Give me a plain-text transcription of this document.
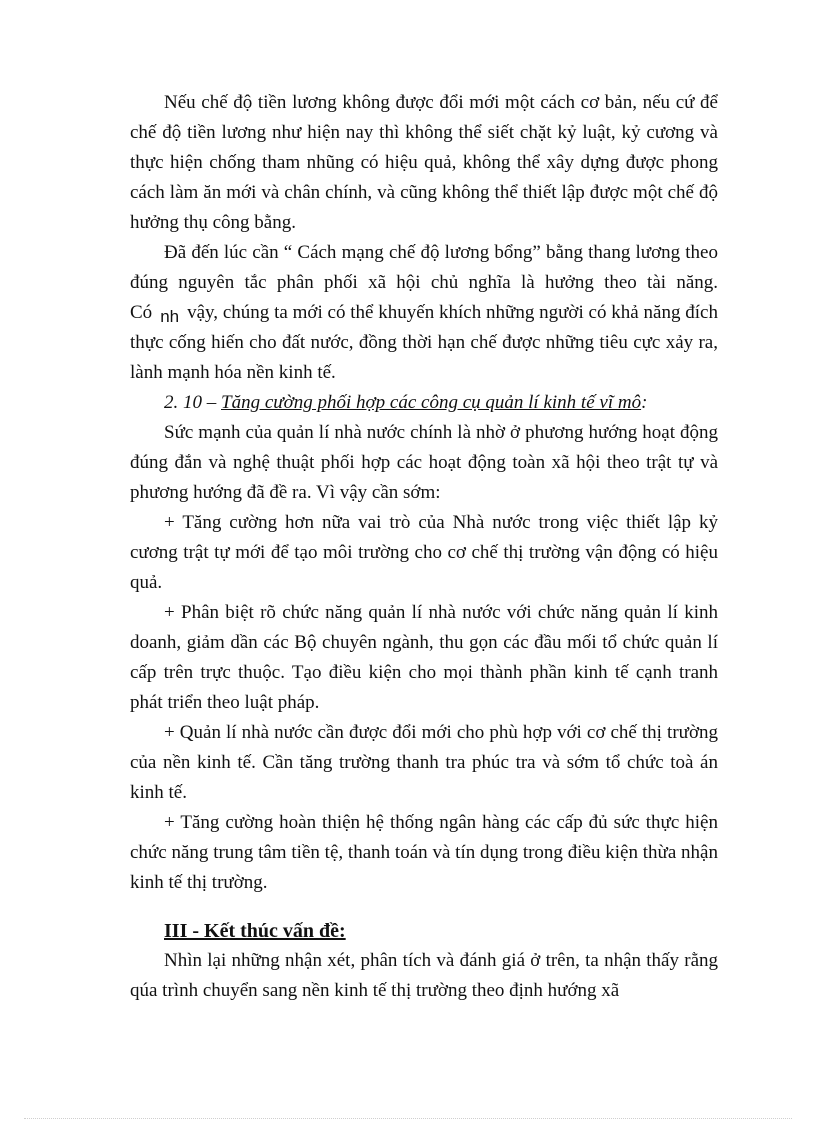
Nếu chế độ tiền lương không được đổi mới một cách cơ bản, nếu cứ để chế độ tiền lương như hiện nay thì không thể siết chặt kỷ luật, kỷ cương và thực hiện chống tham nhũng có hiệu quả, không thể xây dựng được phong cách làm ăn mới và chân chính, và cũng không thể thiết lập được một chế độ hưởng thụ công bằng.

Đã đến lúc cần “ Cách mạng chế độ lương bổng” bằng thang lương theo đúng nguyên tắc phân phối xã hội chủ nghĩa là hưởng theo tài năng. Có nh vậy, chúng ta mới có thể khuyến khích những người có khả năng đích thực cống hiến cho đất nước, đồng thời hạn chế được những tiêu cực xảy ra, lành mạnh hóa nền kinh tế.

2. 10 – Tăng cường phối hợp các công cụ quản lí kinh tế vĩ mô:

Sức mạnh của quản lí nhà nước chính là nhờ ở phương hướng hoạt động đúng đắn và nghệ thuật phối hợp các hoạt động toàn xã hội theo trật tự và phương hướng đã đề ra. Vì vậy cần sớm:

+ Tăng cường hơn nữa vai trò của Nhà nước trong việc thiết lập kỷ cương trật tự mới để tạo môi trường cho cơ chế thị trường vận động có hiệu quả.

+ Phân biệt rõ chức năng quản lí nhà nước với chức năng quản lí kinh doanh, giảm dần các Bộ chuyên ngành, thu gọn các đầu mối tổ chức quản lí cấp trên trực thuộc. Tạo điều kiện cho mọi thành phần kinh tế cạnh tranh phát triển theo luật pháp.

+ Quản lí nhà nước cần được đổi mới cho phù hợp với cơ chế thị trường của nền kinh tế. Cần tăng trường thanh tra phúc tra và sớm tổ chức toà án kinh tế.

+ Tăng cường hoàn thiện hệ thống ngân hàng các cấp đủ sức thực hiện chức năng trung tâm tiền tệ, thanh toán và tín dụng trong điều kiện thừa nhận kinh tế thị trường.

III - Kết thúc vấn đề:

Nhìn lại những nhận xét, phân tích và đánh giá ở trên, ta nhận thấy rằng qúa trình chuyển sang nền kinh tế thị trường theo định hướng xã
